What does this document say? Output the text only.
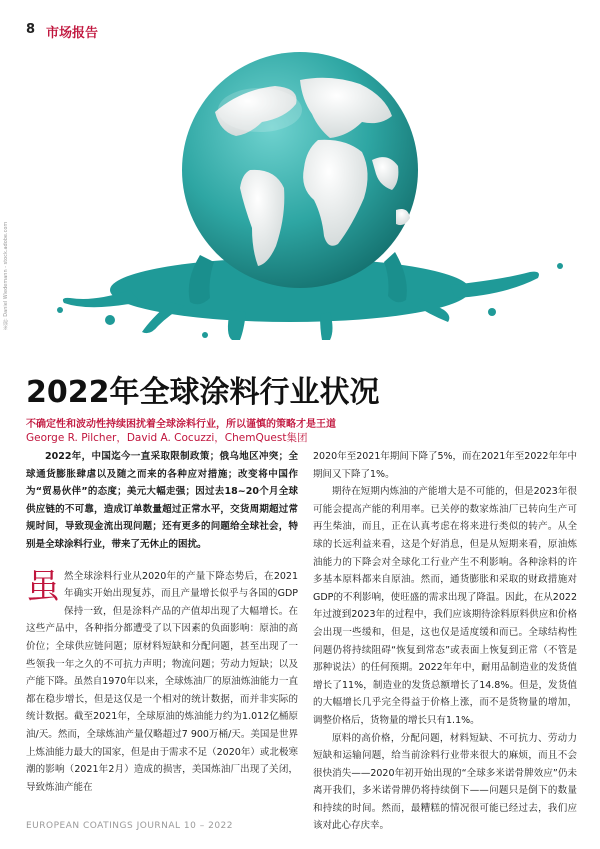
8 市场报告
来源: Daniel Wiedemann - stock.adobe.com
2022年全球涂料行业状况
不确定性和波动性持续困扰着全球涂料行业，所以谨慎的策略才是王道
George R. Pilcher，David A. Cocuzzi，ChemQuest集团

2022年，中国迄今一直采取限制政策；俄乌地区冲突；全球通货膨胀肆虐以及随之而来的各种应对措施；改变将中国作为“贸易伙伴”的态度；美元大幅走强；因过去18~20个月全球供应链的不可靠，造成订单数量超过正常水平，交货周期超过常规时间，导致现金流出现问题；还有更多的问题给全球社会，特别是全球涂料行业，带来了无休止的困扰。

虽然全球涂料行业从2020年的产量下降态势后，在2021年确实开始出现复苏，而且产量增长似乎与各国的GDP保持一致，但是涂料产品的产值却出现了大幅增长。在这些产品中，各种指分都遭受了以下因素的负面影响：原油的高价位；全球供应链问题；原材料短缺和分配问题，甚至出现了一些领我一年之久的不可抗力声明；物流问题；劳动力短缺；以及产能下降。虽然自1970年以来，全球炼油厂的原油炼油能力一直都在稳步增长，但是这仅是一个相对的统计数据，而并非实际的统计数据。截至2021年，全球原油的炼油能力约为1.012亿桶原油/天。然而，全球炼油产量仅略超过7 900万桶/天。美国是世界上炼油能力最大的国家，但是由于需求不足（2020年）或北极寒潮的影响（2021年2月）造成的损害，美国炼油厂出现了关闭，导致炼油产能在

2020年至2021年期间下降了5%，而在2021年至2022年年中期间又下降了1%。

期待在短期内炼油的产能增大是不可能的，但是2023年很可能会提高产能的利用率。已关停的数家炼油厂已转向生产可再生柴油，而且，正在认真考虑在将来进行类似的转产。从全球的长远利益来看，这是个好消息，但是从短期来看，原油炼油能力的下降会对全球化工行业产生不利影响。各种涂料的许多基本原料都来自原油。然而，通货膨胀和采取的财政措施对GDP的不利影响，使旺盛的需求出现了降温。因此，在从2022年过渡到2023年的过程中，我们应该期待涂料原料供应和价格会出现一些缓和，但是，这也仅是适度缓和而已。全球结构性问题仍将持续阻碍“恢复到常态”或表面上恢复到正常（不管是那种说法）的任何预期。2022年年中，耐用品制造业的发货值增长了11%，制造业的发货总额增长了14.8%。但是，发货值的大幅增长几乎完全得益于价格上涨，而不是货物量的增加，调整价格后，货物量的增长只有1.1%。

原料的高价格，分配问题，材料短缺、不可抗力、劳动力短缺和运输问题，给当前涂料行业带来很大的麻烦，而且不会很快消失——2020年初开始出现的“全球多米诺骨牌效应”仍未离开我们，多米诺骨牌仍将持续倒下——问题只是倒下的数量和持续的时间。然而，最糟糕的情况很可能已经过去，我们应该对此心存庆幸。

EUROPEAN COATINGS JOURNAL 10 – 2022
